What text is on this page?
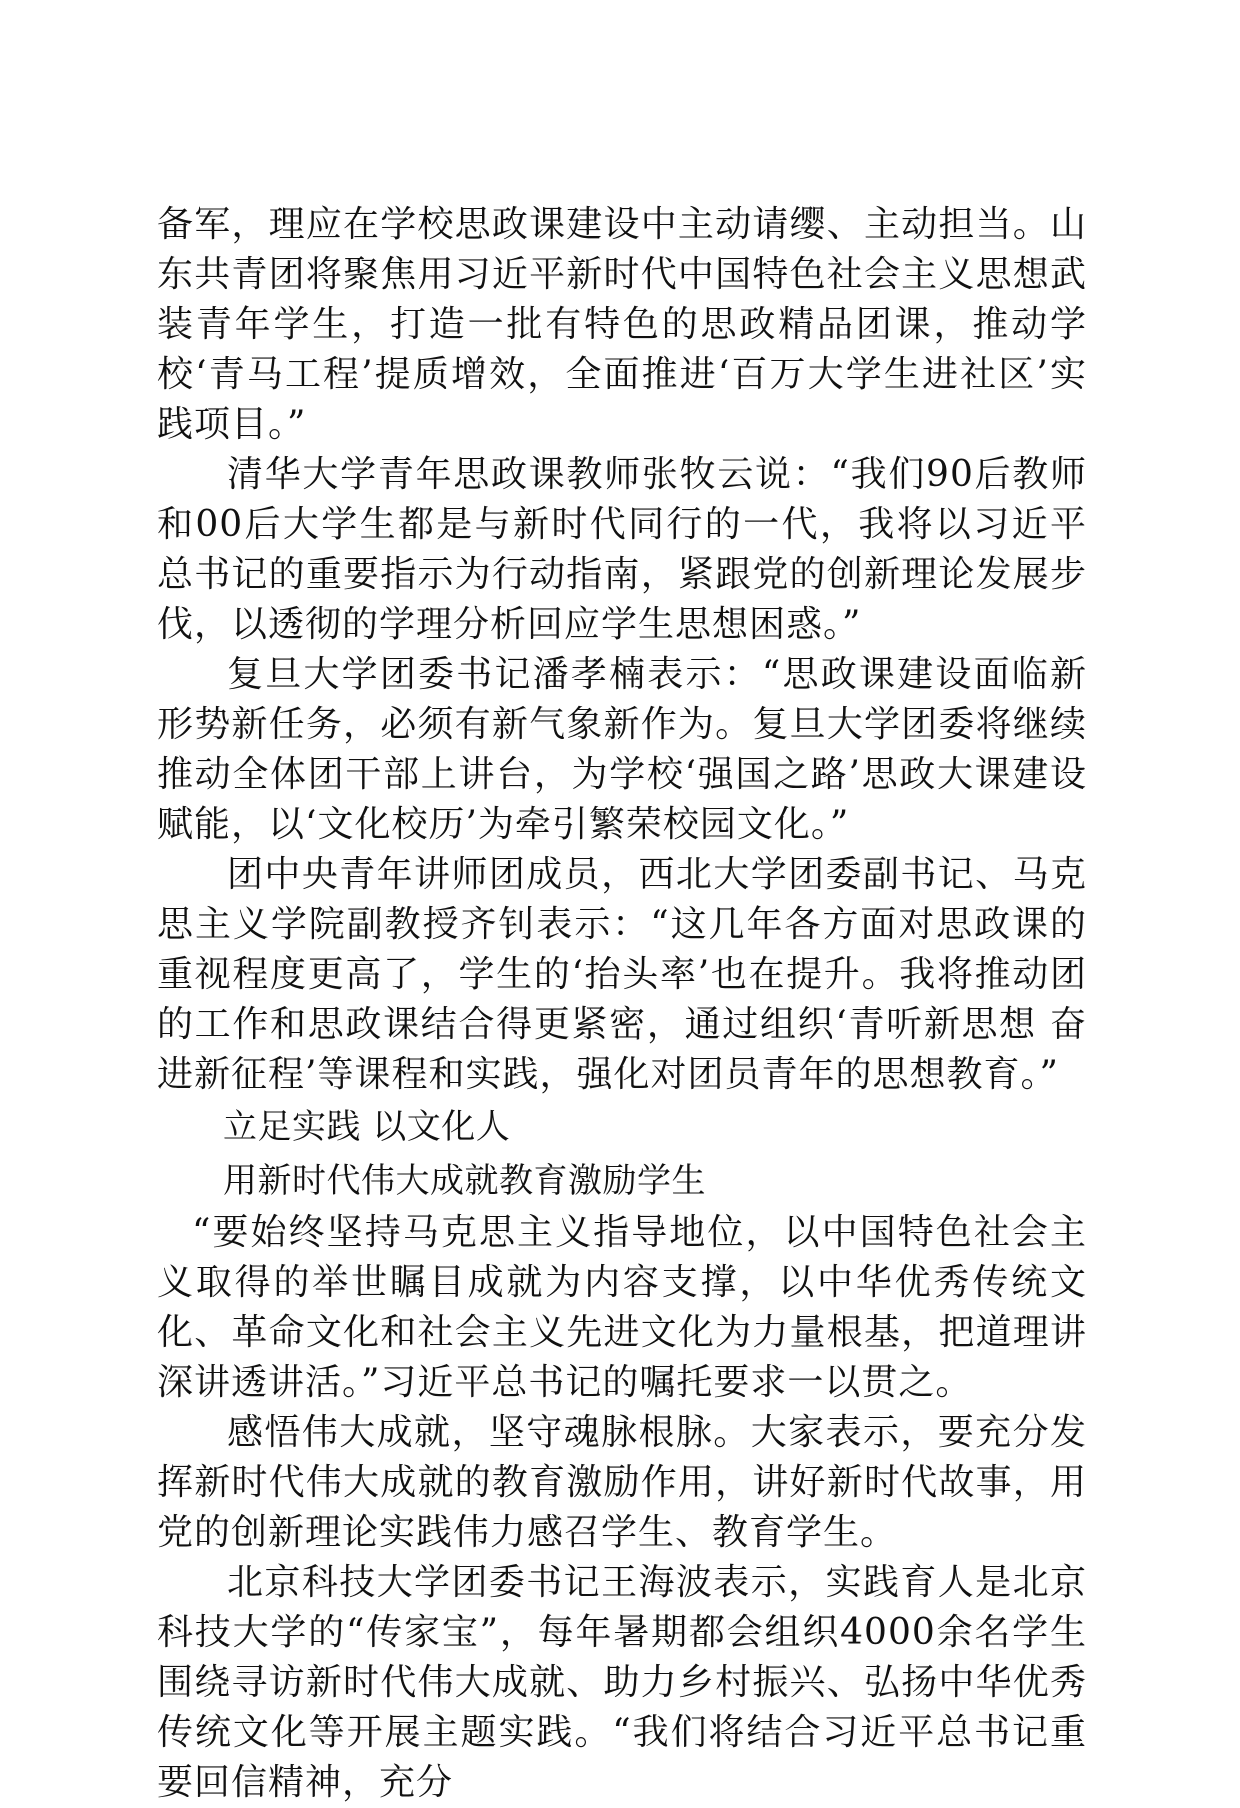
备军，理应在学校思政课建设中主动请缨、主动担当。山东共青团将聚焦用习近平新时代中国特色社会主义思想武装青年学生，打造一批有特色的思政精品团课，推动学校‘青马工程’提质增效，全面推进‘百万大学生进社区’实践项目。”

清华大学青年思政课教师张牧云说：“我们90后教师和00后大学生都是与新时代同行的一代，我将以习近平总书记的重要指示为行动指南，紧跟党的创新理论发展步伐，以透彻的学理分析回应学生思想困惑。”

复旦大学团委书记潘孝楠表示：“思政课建设面临新形势新任务，必须有新气象新作为。复旦大学团委将继续推动全体团干部上讲台，为学校‘强国之路’思政大课建设赋能，以‘文化校历’为牵引繁荣校园文化。”

团中央青年讲师团成员，西北大学团委副书记、马克思主义学院副教授齐钊表示：“这几年各方面对思政课的重视程度更高了，学生的‘抬头率’也在提升。我将推动团的工作和思政课结合得更紧密，通过组织‘青听新思想 奋进新征程’等课程和实践，强化对团员青年的思想教育。”

立足实践 以文化人

用新时代伟大成就教育激励学生

“要始终坚持马克思主义指导地位，以中国特色社会主义取得的举世瞩目成就为内容支撑，以中华优秀传统文化、革命文化和社会主义先进文化为力量根基，把道理讲深讲透讲活。”习近平总书记的嘱托要求一以贯之。

感悟伟大成就，坚守魂脉根脉。大家表示，要充分发挥新时代伟大成就的教育激励作用，讲好新时代故事，用党的创新理论实践伟力感召学生、教育学生。

北京科技大学团委书记王海波表示，实践育人是北京科技大学的“传家宝”，每年暑期都会组织4000余名学生围绕寻访新时代伟大成就、助力乡村振兴、弘扬中华优秀传统文化等开展主题实践。“我们将结合习近平总书记重要回信精神，充分
